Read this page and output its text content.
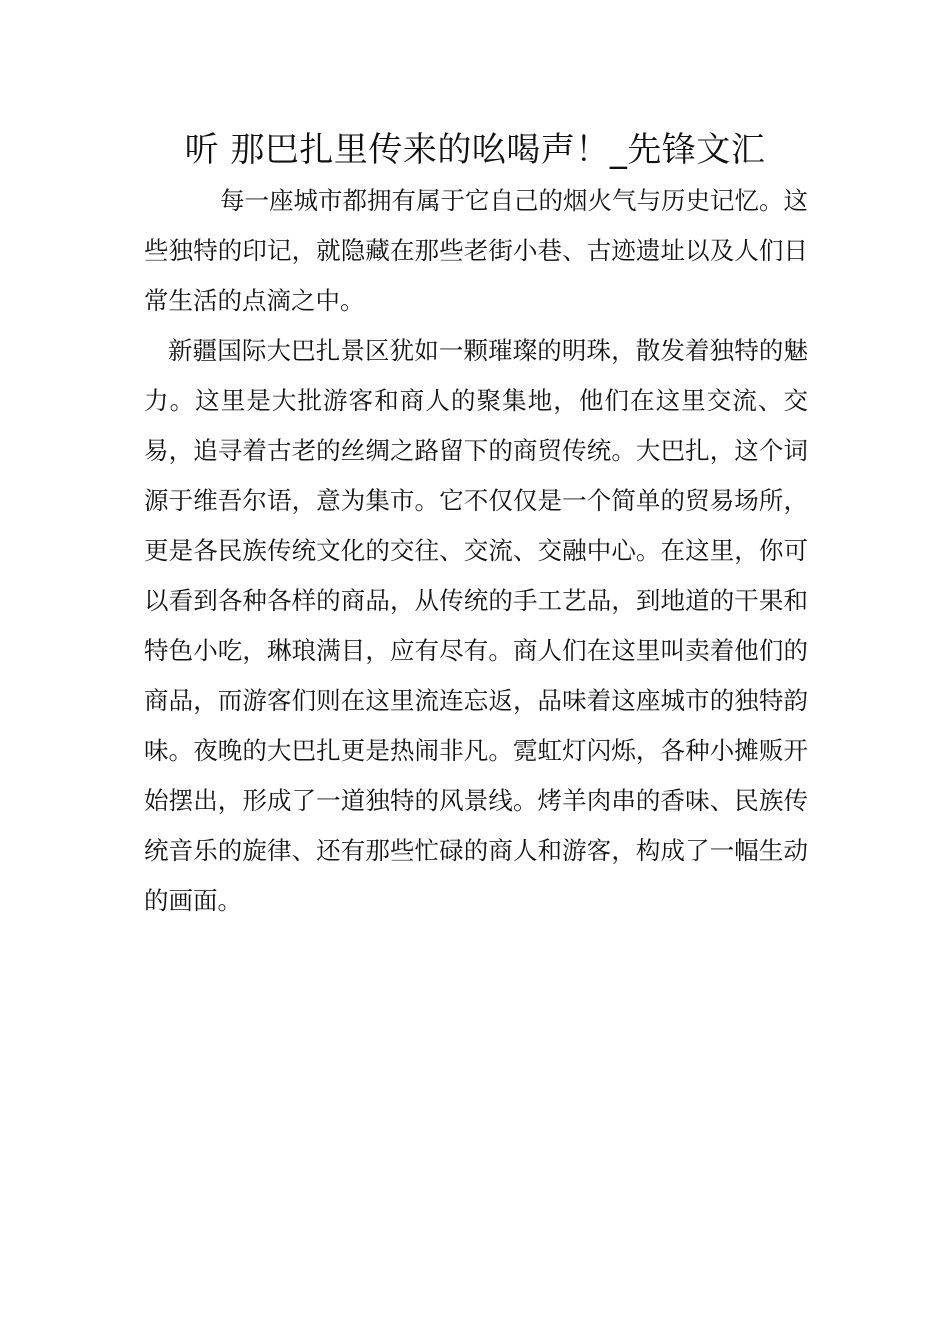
听 那巴扎里传来的吆喝声！_先锋文汇

每一座城市都拥有属于它自己的烟火气与历史记忆。这些独特的印记，就隐藏在那些老街小巷、古迹遗址以及人们日常生活的点滴之中。

新疆国际大巴扎景区犹如一颗璀璨的明珠，散发着独特的魅力。这里是大批游客和商人的聚集地，他们在这里交流、交易，追寻着古老的丝绸之路留下的商贸传统。大巴扎，这个词源于维吾尔语，意为集市。它不仅仅是一个简单的贸易场所，更是各民族传统文化的交往、交流、交融中心。在这里，你可以看到各种各样的商品，从传统的手工艺品，到地道的干果和特色小吃，琳琅满目，应有尽有。商人们在这里叫卖着他们的商品，而游客们则在这里流连忘返，品味着这座城市的独特韵味。夜晚的大巴扎更是热闹非凡。霓虹灯闪烁，各种小摊贩开始摆出，形成了一道独特的风景线。烤羊肉串的香味、民族传统音乐的旋律、还有那些忙碌的商人和游客，构成了一幅生动的画面。
